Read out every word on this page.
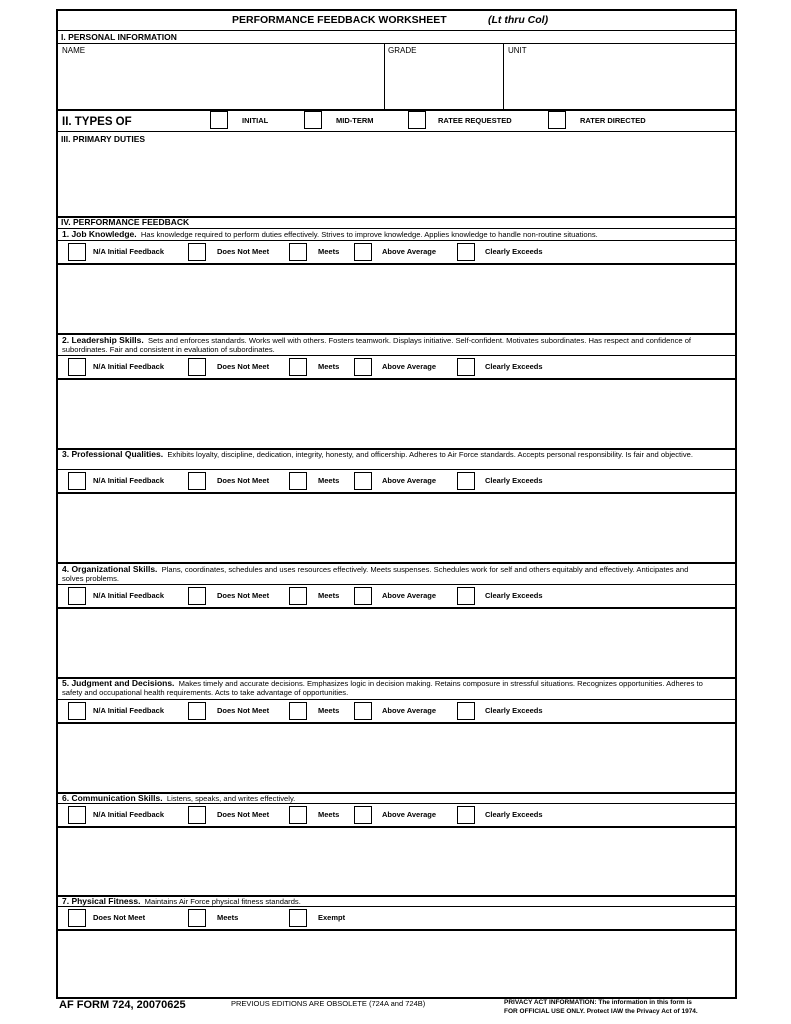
PERFORMANCE FEEDBACK WORKSHEET	(Lt thru Col)
I. PERSONAL INFORMATION
NAME	GRADE	UNIT
II. TYPES OF	INITIAL	MID-TERM	RATEE REQUESTED	RATER DIRECTED
III. PRIMARY DUTIES
IV. PERFORMANCE FEEDBACK
1. Job Knowledge. Has knowledge required to perform duties effectively. Strives to improve knowledge. Applies knowledge to handle non-routine situations.
N/A Initial Feedback	Does Not Meet	Meets	Above Average	Clearly Exceeds
2. Leadership Skills. Sets and enforces standards. Works well with others. Fosters teamwork. Displays initiative. Self-confident. Motivates subordinates. Has respect and confidence of subordinates. Fair and consistent in evaluation of subordinates.
N/A Initial Feedback	Does Not Meet	Meets	Above Average	Clearly Exceeds
3. Professional Qualities. Exhibits loyalty, discipline, dedication, integrity, honesty, and officership. Adheres to Air Force standards. Accepts personal responsibility. Is fair and objective.
N/A Initial Feedback	Does Not Meet	Meets	Above Average	Clearly Exceeds
4. Organizational Skills. Plans, coordinates, schedules and uses resources effectively. Meets suspenses. Schedules work for self and others equitably and effectively. Anticipates and solves problems.
N/A Initial Feedback	Does Not Meet	Meets	Above Average	Clearly Exceeds
5. Judgment and Decisions. Makes timely and accurate decisions. Emphasizes logic in decision making. Retains composure in stressful situations. Recognizes opportunities. Adheres to safety and occupational health requirements. Acts to take advantage of opportunities.
N/A Initial Feedback	Does Not Meet	Meets	Above Average	Clearly Exceeds
6. Communication Skills. Listens, speaks, and writes effectively.
N/A Initial Feedback	Does Not Meet	Meets	Above Average	Clearly Exceeds
7. Physical Fitness. Maintains Air Force physical fitness standards.
Does Not Meet	Meets	Exempt
AF FORM 724, 20070625	PREVIOUS EDITIONS ARE OBSOLETE (724A and 724B)	PRIVACY ACT INFORMATION: The information in this form is
FOR OFFICIAL USE ONLY. Protect IAW the Privacy Act of 1974.
